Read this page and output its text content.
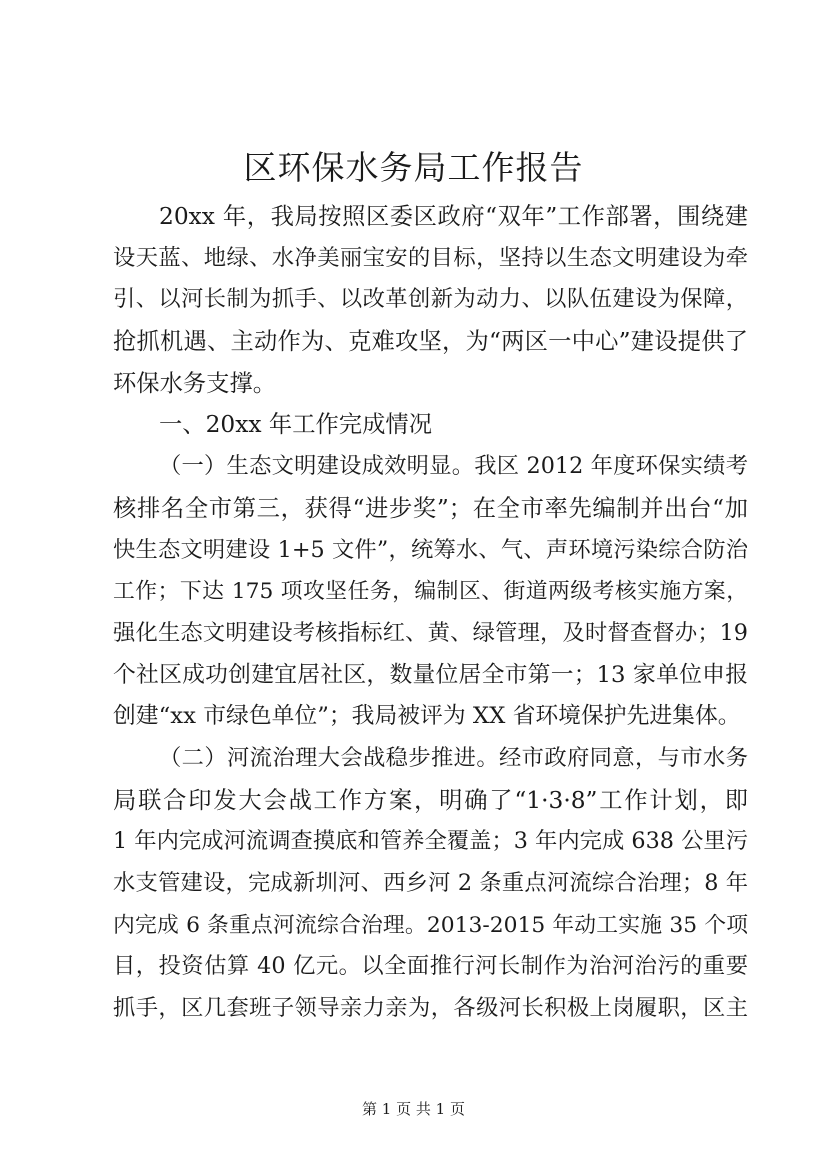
区环保水务局工作报告
20xx 年，我局按照区委区政府“双年”工作部署，围绕建
设天蓝、地绿、水净美丽宝安的目标，坚持以生态文明建设为牵
引、以河长制为抓手、以改革创新为动力、以队伍建设为保障，
抢抓机遇、主动作为、克难攻坚，为“两区一中心”建设提供了
环保水务支撑。
一、20xx 年工作完成情况
（一）生态文明建设成效明显。我区 2012 年度环保实绩考
核排名全市第三，获得“进步奖”；在全市率先编制并出台“加
快生态文明建设 1+5 文件”，统筹水、气、声环境污染综合防治
工作；下达 175 项攻坚任务，编制区、街道两级考核实施方案，
强化生态文明建设考核指标红、黄、绿管理，及时督查督办；19
个社区成功创建宜居社区，数量位居全市第一；13 家单位申报
创建“xx 市绿色单位”；我局被评为 XX 省环境保护先进集体。
（二）河流治理大会战稳步推进。经市政府同意，与市水务
局联合印发大会战工作方案，明确了“1·3·8”工作计划，即
1 年内完成河流调查摸底和管养全覆盖；3 年内完成 638 公里污
水支管建设，完成新圳河、西乡河 2 条重点河流综合治理；8 年
内完成 6 条重点河流综合治理。2013-2015 年动工实施 35 个项
目，投资估算 40 亿元。以全面推行河长制作为治河治污的重要
抓手，区几套班子领导亲力亲为，各级河长积极上岗履职，区主

第 1 页 共 1 页
